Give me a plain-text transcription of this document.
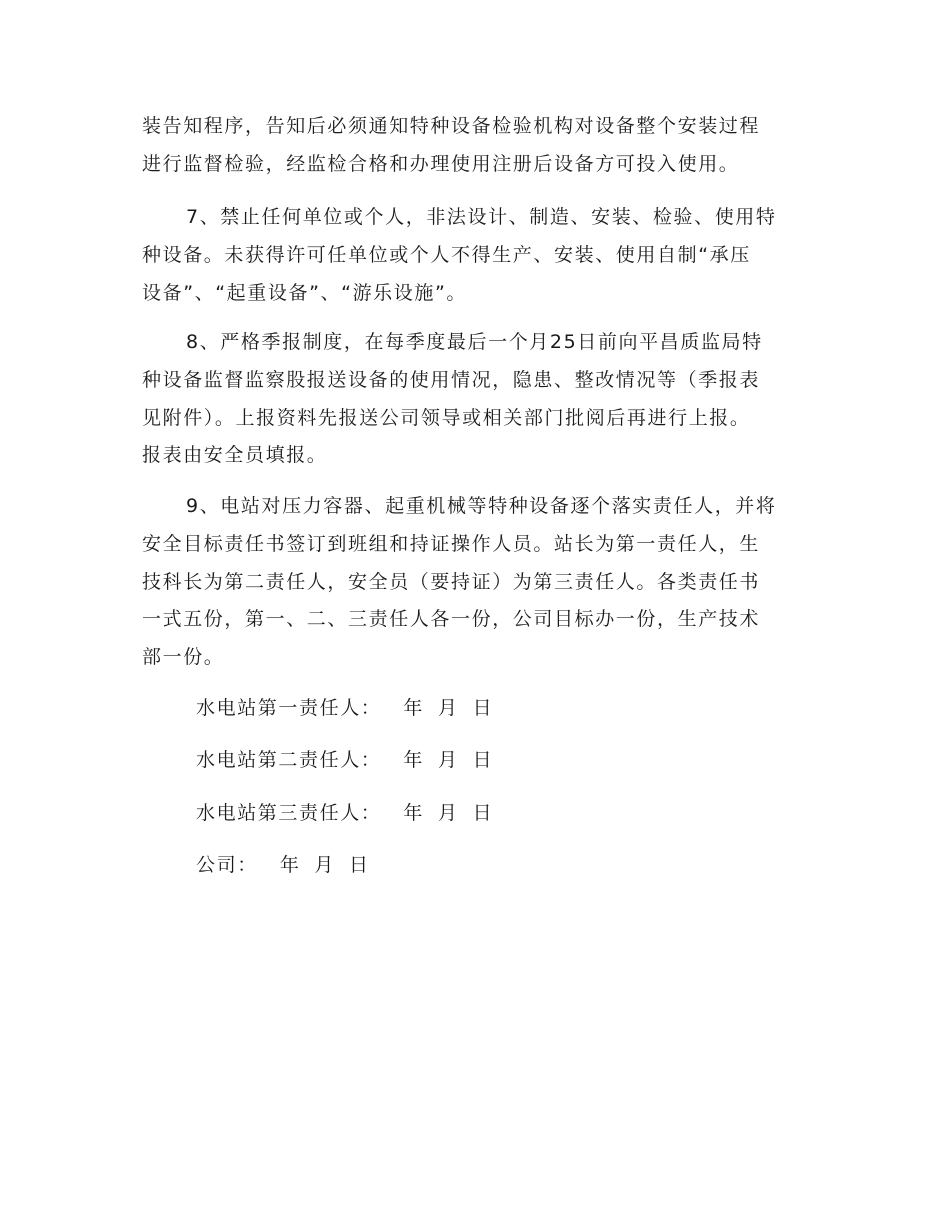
装告知程序，告知后必须通知特种设备检验机构对设备整个安装过程
进行监督检验，经监检合格和办理使用注册后设备方可投入使用。
7、禁止任何单位或个人，非法设计、制造、安装、检验、使用特
种设备。未获得许可任单位或个人不得生产、安装、使用自制“承压
设备”、“起重设备”、“游乐设施”。
8、严格季报制度，在每季度最后一个月25日前向平昌质监局特
种设备监督监察股报送设备的使用情况，隐患、整改情况等（季报表
见附件）。上报资料先报送公司领导或相关部门批阅后再进行上报。
报表由安全员填报。
9、电站对压力容器、起重机械等特种设备逐个落实责任人，并将
安全目标责任书签订到班组和持证操作人员。站长为第一责任人，生
技科长为第二责任人，安全员（要持证）为第三责任人。各类责任书
一式五份，第一、二、三责任人各一份，公司目标办一份，生产技术
部一份。
水电站第一责任人： 年 月 日
水电站第二责任人： 年 月 日
水电站第三责任人： 年 月 日
公司： 年 月 日
